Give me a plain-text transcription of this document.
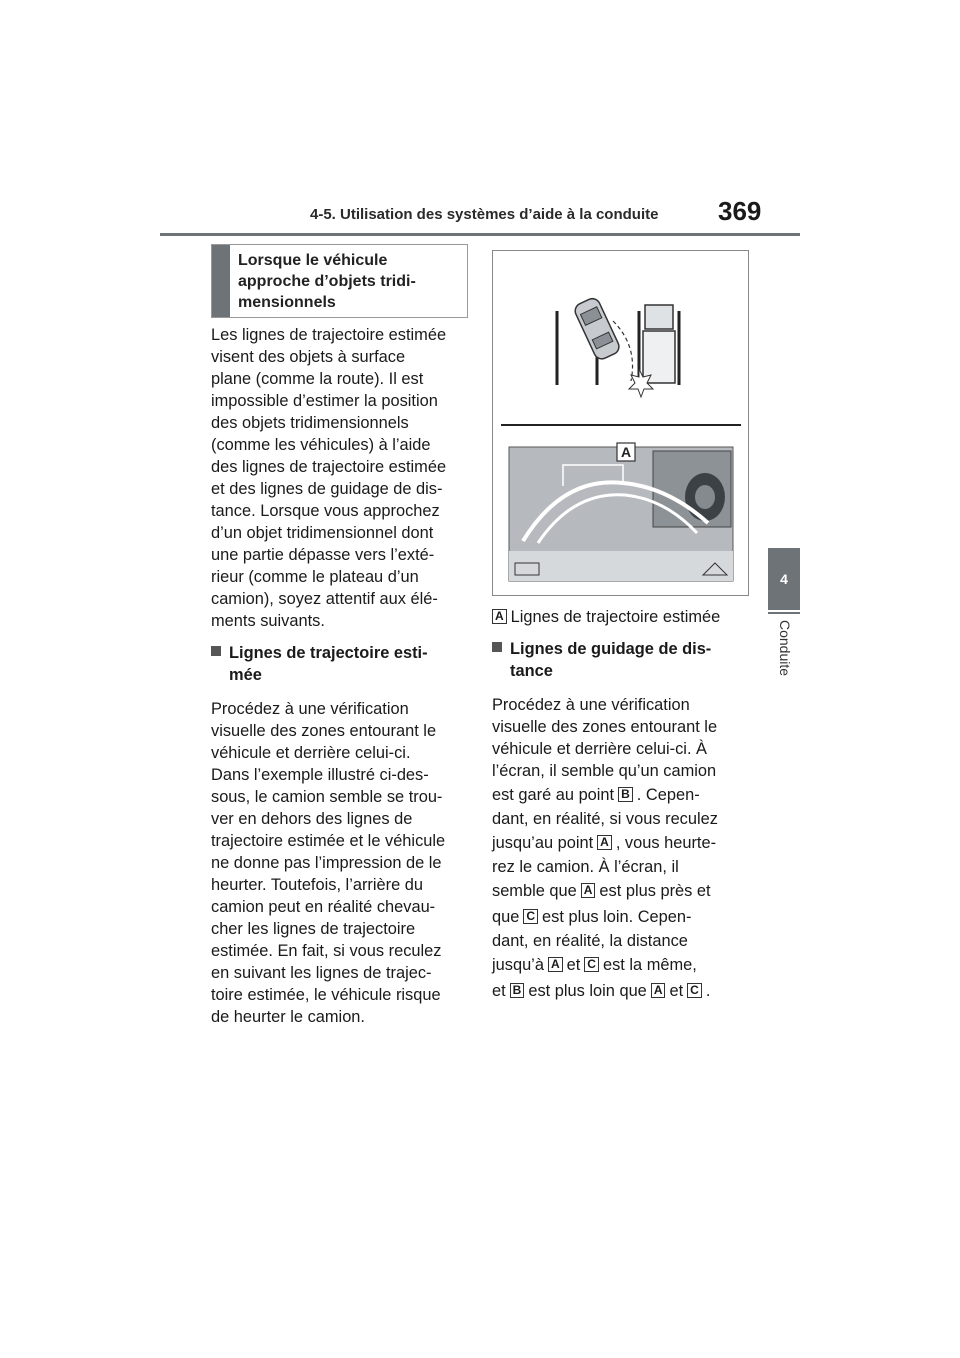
4-5. Utilisation des systèmes d’aide à la conduite 369
4
Conduite
Lorsque le véhicule
approche d’objets tridi-
mensionnels

Les lignes de trajectoire estimée
visent des objets à surface
plane (comme la route). Il est
impossible d’estimer la position
des objets tridimensionnels
(comme les véhicules) à l’aide
des lignes de trajectoire estimée
et des lignes de guidage de dis-
tance. Lorsque vous approchez
d’un objet tridimensionnel dont
une partie dépasse vers l’exté-
rieur (comme le plateau d’un
camion), soyez attentif aux élé-
ments suivants.

Lignes de trajectoire esti-
mée

Procédez à une vérification
visuelle des zones entourant le
véhicule et derrière celui-ci.
Dans l’exemple illustré ci-des-
sous, le camion semble se trou-
ver en dehors des lignes de
trajectoire estimée et le véhicule
ne donne pas l’impression de le
heurter. Toutefois, l’arrière du
camion peut en réalité chevau-
cher les lignes de trajectoire
estimée. En fait, si vous reculez
en suivant les lignes de trajec-
toire estimée, le véhicule risque
de heurter le camion.

A

A Lignes de trajectoire estimée

Lignes de guidage de dis-
tance

Procédez à une vérification
visuelle des zones entourant le
véhicule et derrière celui-ci. À
l’écran, il semble qu’un camion
est garé au point B . Cepen-
dant, en réalité, si vous reculez
jusqu’au point A , vous heurte-
rez le camion. À l’écran, il
semble que A est plus près et
que C est plus loin. Cepen-
dant, en réalité, la distance
jusqu’à A et C est la même,
et B est plus loin que A et C .
